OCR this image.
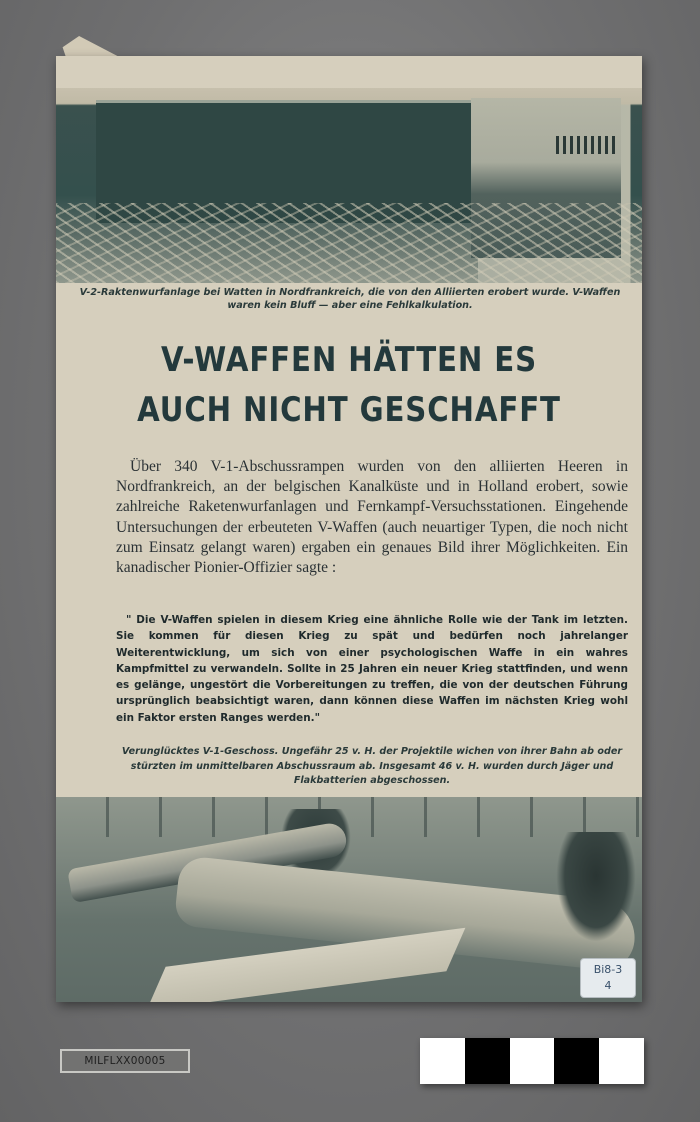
V-2-Raktenwurfanlage bei Watten in Nordfrankreich, die von den Alliierten erobert wurde. V-Waffen waren kein Bluff — aber eine Fehlkalkulation.
V-WAFFEN HÄTTEN ES
AUCH NICHT GESCHAFFT
Über 340 V-1-Abschussrampen wurden von den alliierten Heeren in Nordfrankreich, an der belgischen Kanalküste und in Holland erobert, sowie zahlreiche Raketenwurfanlagen und Fernkampf-Versuchsstationen. Eingehende Untersuchungen der erbeuteten V-Waffen (auch neuartiger Typen, die noch nicht zum Einsatz gelangt waren) ergaben ein genaues Bild ihrer Möglichkeiten. Ein kanadischer Pionier-Offizier sagte :
" Die V-Waffen spielen in diesem Krieg eine ähnliche Rolle wie der Tank im letzten. Sie kommen für diesen Krieg zu spät und bedürfen noch jahrelanger Weiterentwicklung, um sich von einer psychologischen Waffe in ein wahres Kampfmittel zu verwandeln. Sollte in 25 Jahren ein neuer Krieg stattfinden, und wenn es gelänge, ungestört die Vorbereitungen zu treffen, die von der deutschen Führung ursprünglich beabsichtigt waren, dann können diese Waffen im nächsten Krieg wohl ein Faktor ersten Ranges werden."
Verunglücktes V-1-Geschoss. Ungefähr 25 v. H. der Projektile wichen von ihrer Bahn ab oder stürzten im unmittelbaren Abschussraum ab. Insgesamt 46 v. H. wurden durch Jäger und Flakbatterien abgeschossen.
Bi8-3
4
MILFLXX00005
